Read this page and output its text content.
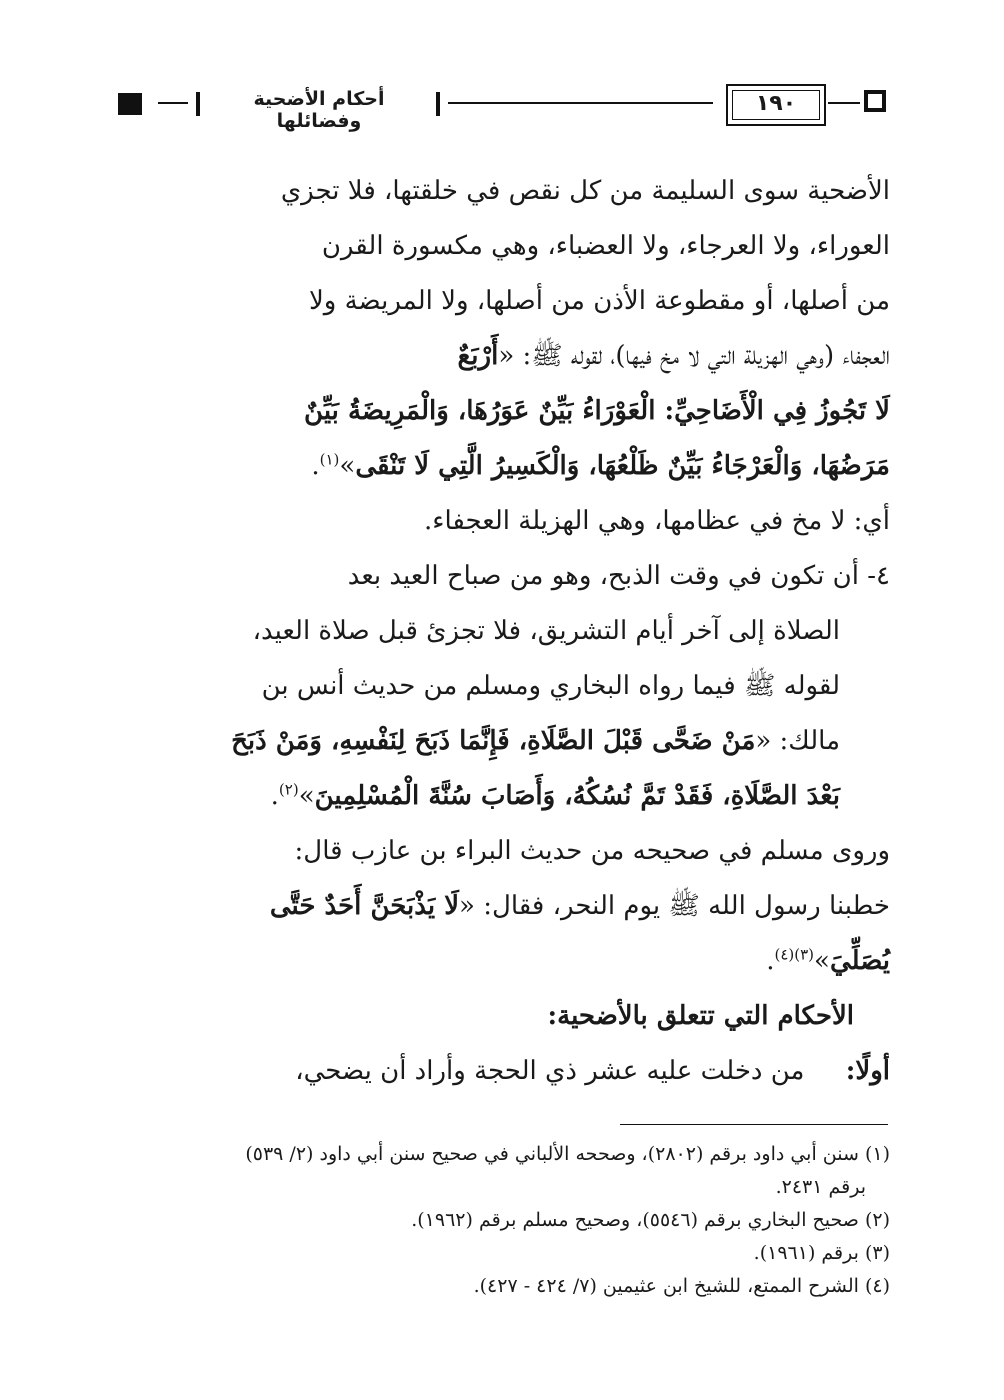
أحكام الأضحية وفضائلها
١٩٠

الأضحية سوى السليمة من كل نقص في خلقتها، فلا تجزي

العوراء، ولا العرجاء، ولا العضباء، وهي مكسورة القرن

من أصلها، أو مقطوعة الأذن من أصلها، ولا المريضة ولا

العجفاء (وهي الهزيلة التي لا مخ فيها)، لقوله ﷺ: «أَرْبَعٌ

لَا تَجُوزُ فِي الْأَضَاحِيِّ: الْعَوْرَاءُ بَيِّنٌ عَوَرُهَا، وَالْمَرِيضَةُ بَيِّنٌ

مَرَضُهَا، وَالْعَرْجَاءُ بَيِّنٌ ظَلْعُهَا، وَالْكَسِيرُ الَّتِي لَا تَنْقَى»$^{(١)}$.

أي: لا مخ في عظامها، وهي الهزيلة العجفاء.

٤- أن تكون في وقت الذبح، وهو من صباح العيد بعد

الصلاة إلى آخر أيام التشريق، فلا تجزئ قبل صلاة العيد،

لقوله ﷺ فيما رواه البخاري ومسلم من حديث أنس بن

مالك: «مَنْ ضَحَّى قَبْلَ الصَّلَاةِ، فَإِنَّمَا ذَبَحَ لِنَفْسِهِ، وَمَنْ ذَبَحَ

بَعْدَ الصَّلَاةِ، فَقَدْ تَمَّ نُسُكُهُ، وَأَصَابَ سُنَّةَ الْمُسْلِمِينَ»$^{(٢)}$.

وروى مسلم في صحيحه من حديث البراء بن عازب قال:

خطبنا رسول الله ﷺ يوم النحر، فقال: «لَا يَذْبَحَنَّ أَحَدٌ حَتَّى

يُصَلِّيَ»$^{(٣)(٤)}$.

الأحكام التي تتعلق بالأضحية:

أولًا:     من دخلت عليه عشر ذي الحجة وأراد أن يضحي،

(١) سنن أبي داود برقم (٢٨٠٢)، وصححه الألباني في صحيح سنن أبي داود (٢/ ٥٣٩)

برقم ٢٤٣١.

(٢) صحيح البخاري برقم (٥٥٤٦)، وصحيح مسلم برقم (١٩٦٢).

(٣) برقم (١٩٦١).

(٤) الشرح الممتع، للشيخ ابن عثيمين (٧/ ٤٢٤ - ٤٢٧).
